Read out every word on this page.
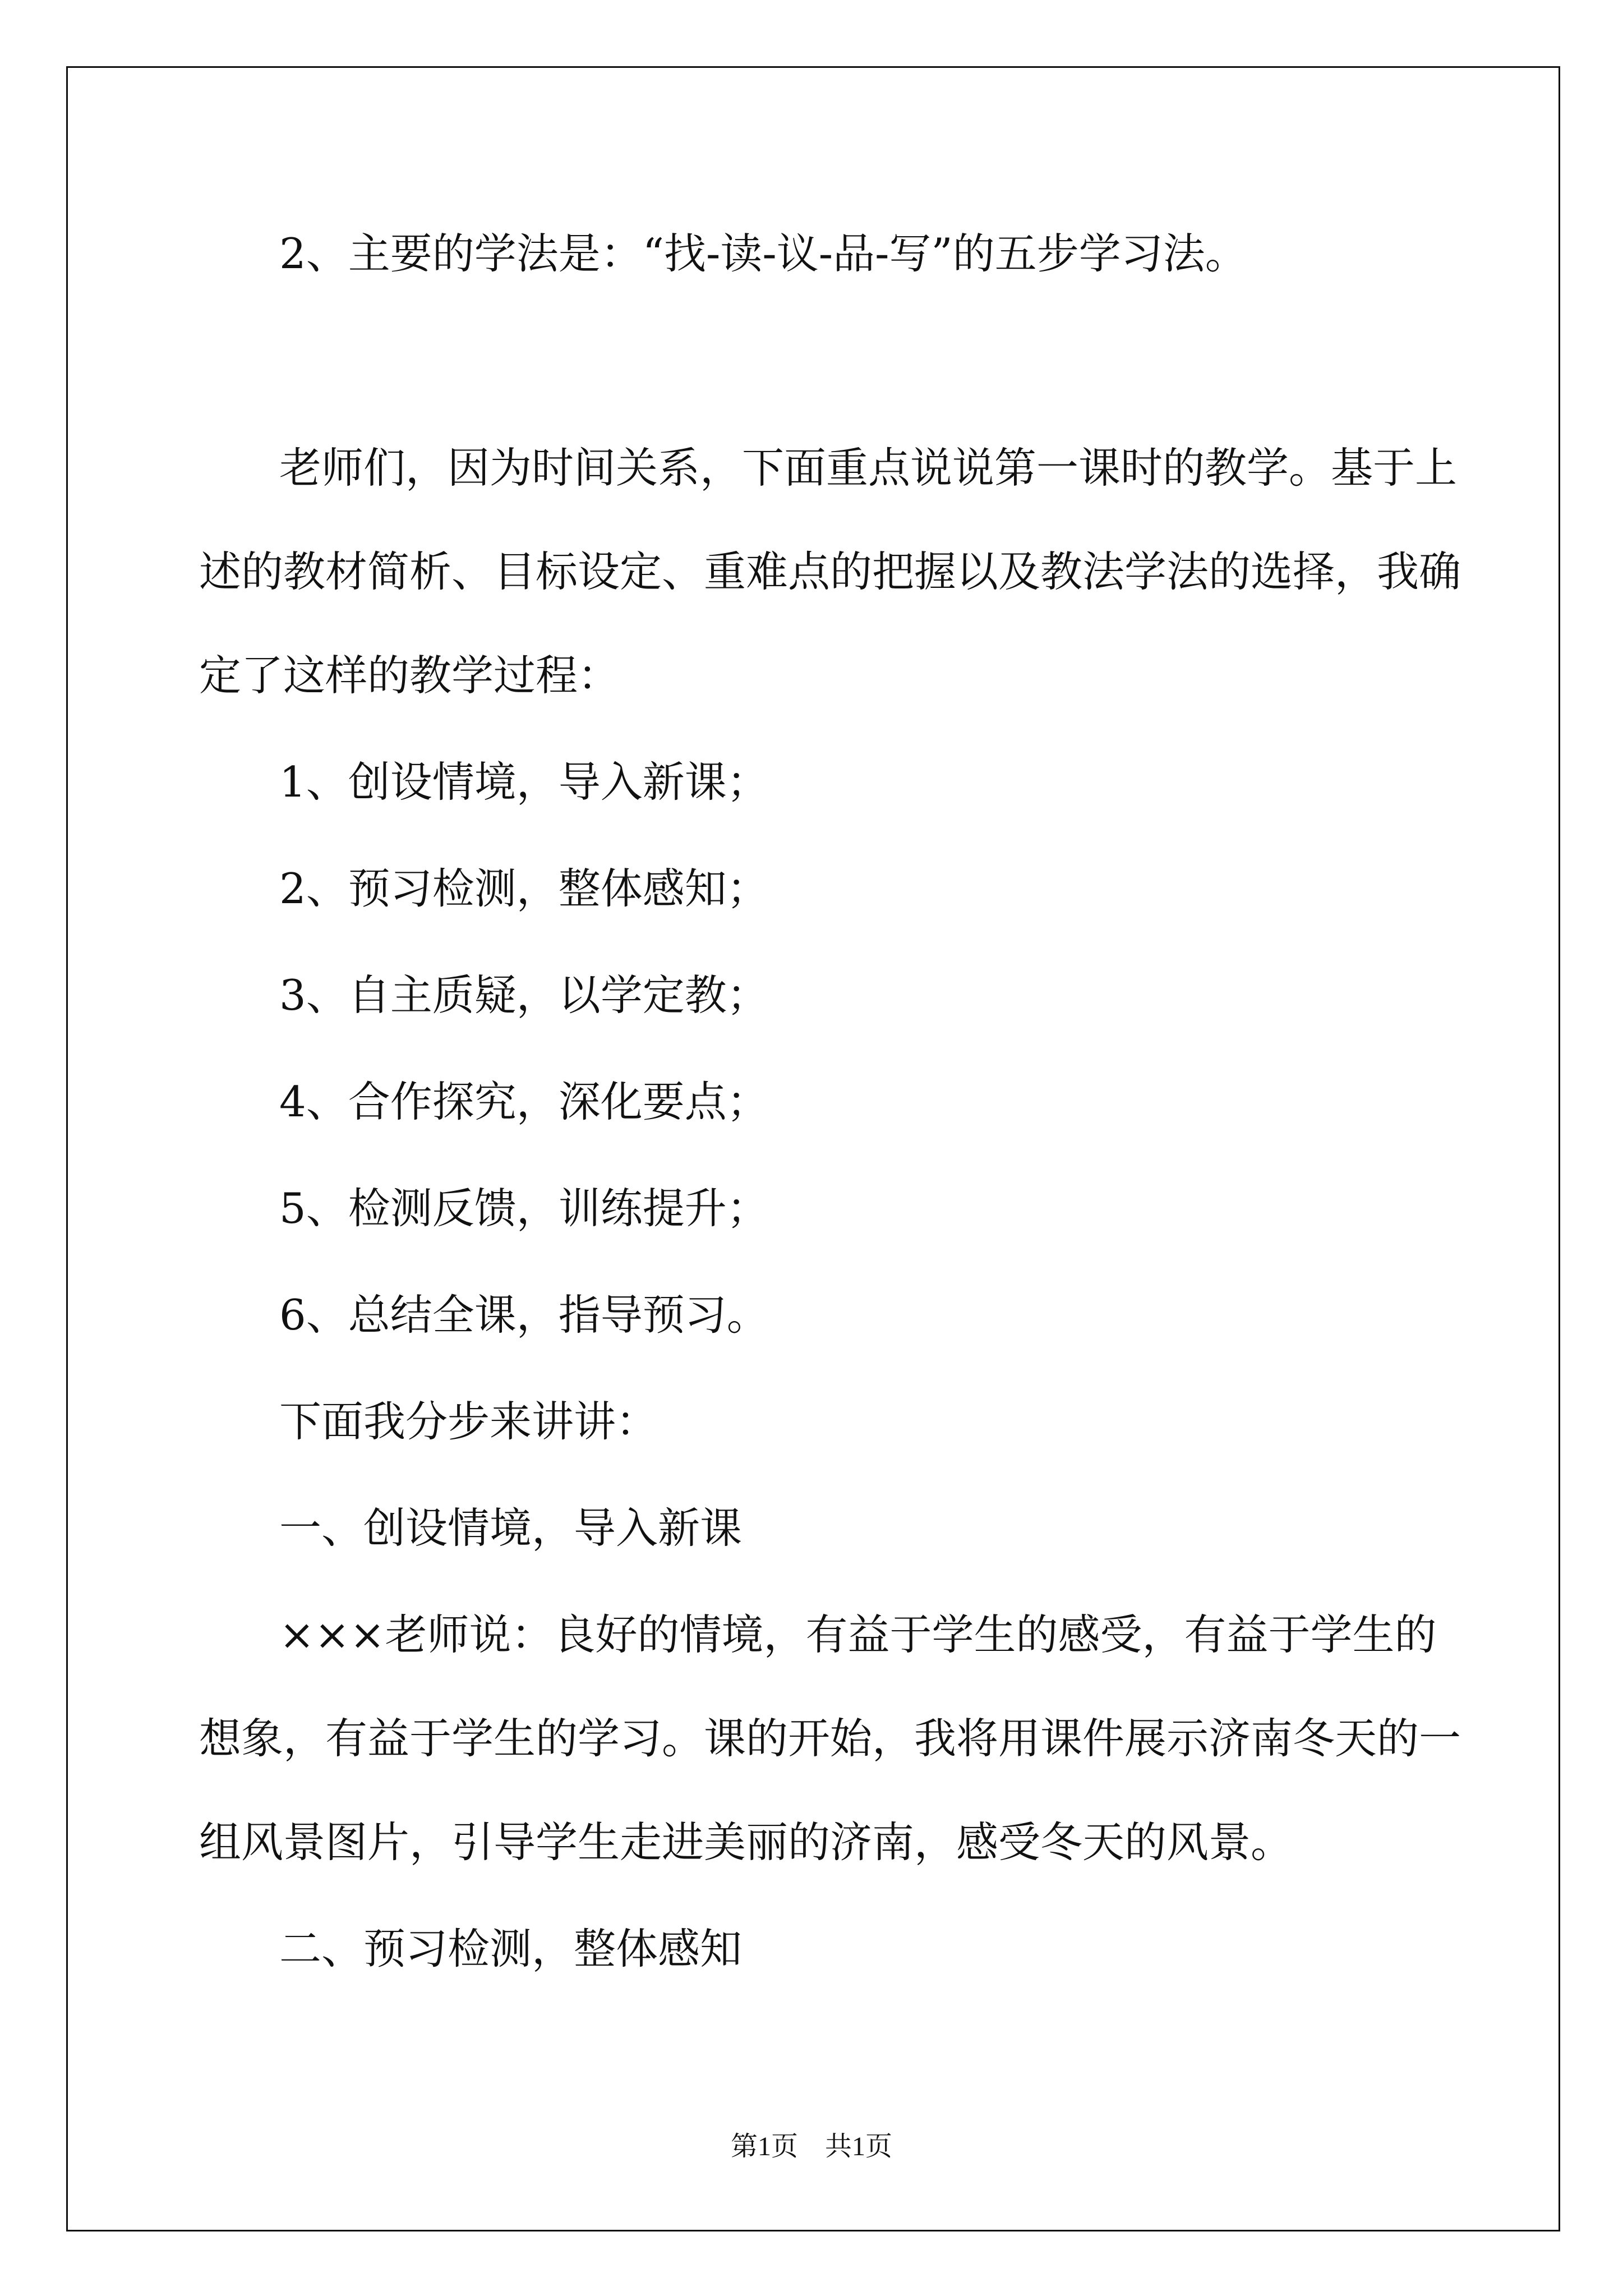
2、主要的学法是：“找-读-议-品-写”的五步学习法。

老师们，因为时间关系，下面重点说说第一课时的教学。基于上

述的教材简析、目标设定、重难点的把握以及教法学法的选择，我确

定了这样的教学过程：

1、创设情境，导入新课；

2、预习检测，整体感知；

3、自主质疑，以学定教；

4、合作探究，深化要点；

5、检测反馈，训练提升；

6、总结全课，指导预习。

下面我分步来讲讲：

一、创设情境，导入新课

×××老师说：良好的情境，有益于学生的感受，有益于学生的

想象，有益于学生的学习。课的开始，我将用课件展示济南冬天的一

组风景图片，引导学生走进美丽的济南，感受冬天的风景。

二、预习检测，整体感知

第1页　共1页
